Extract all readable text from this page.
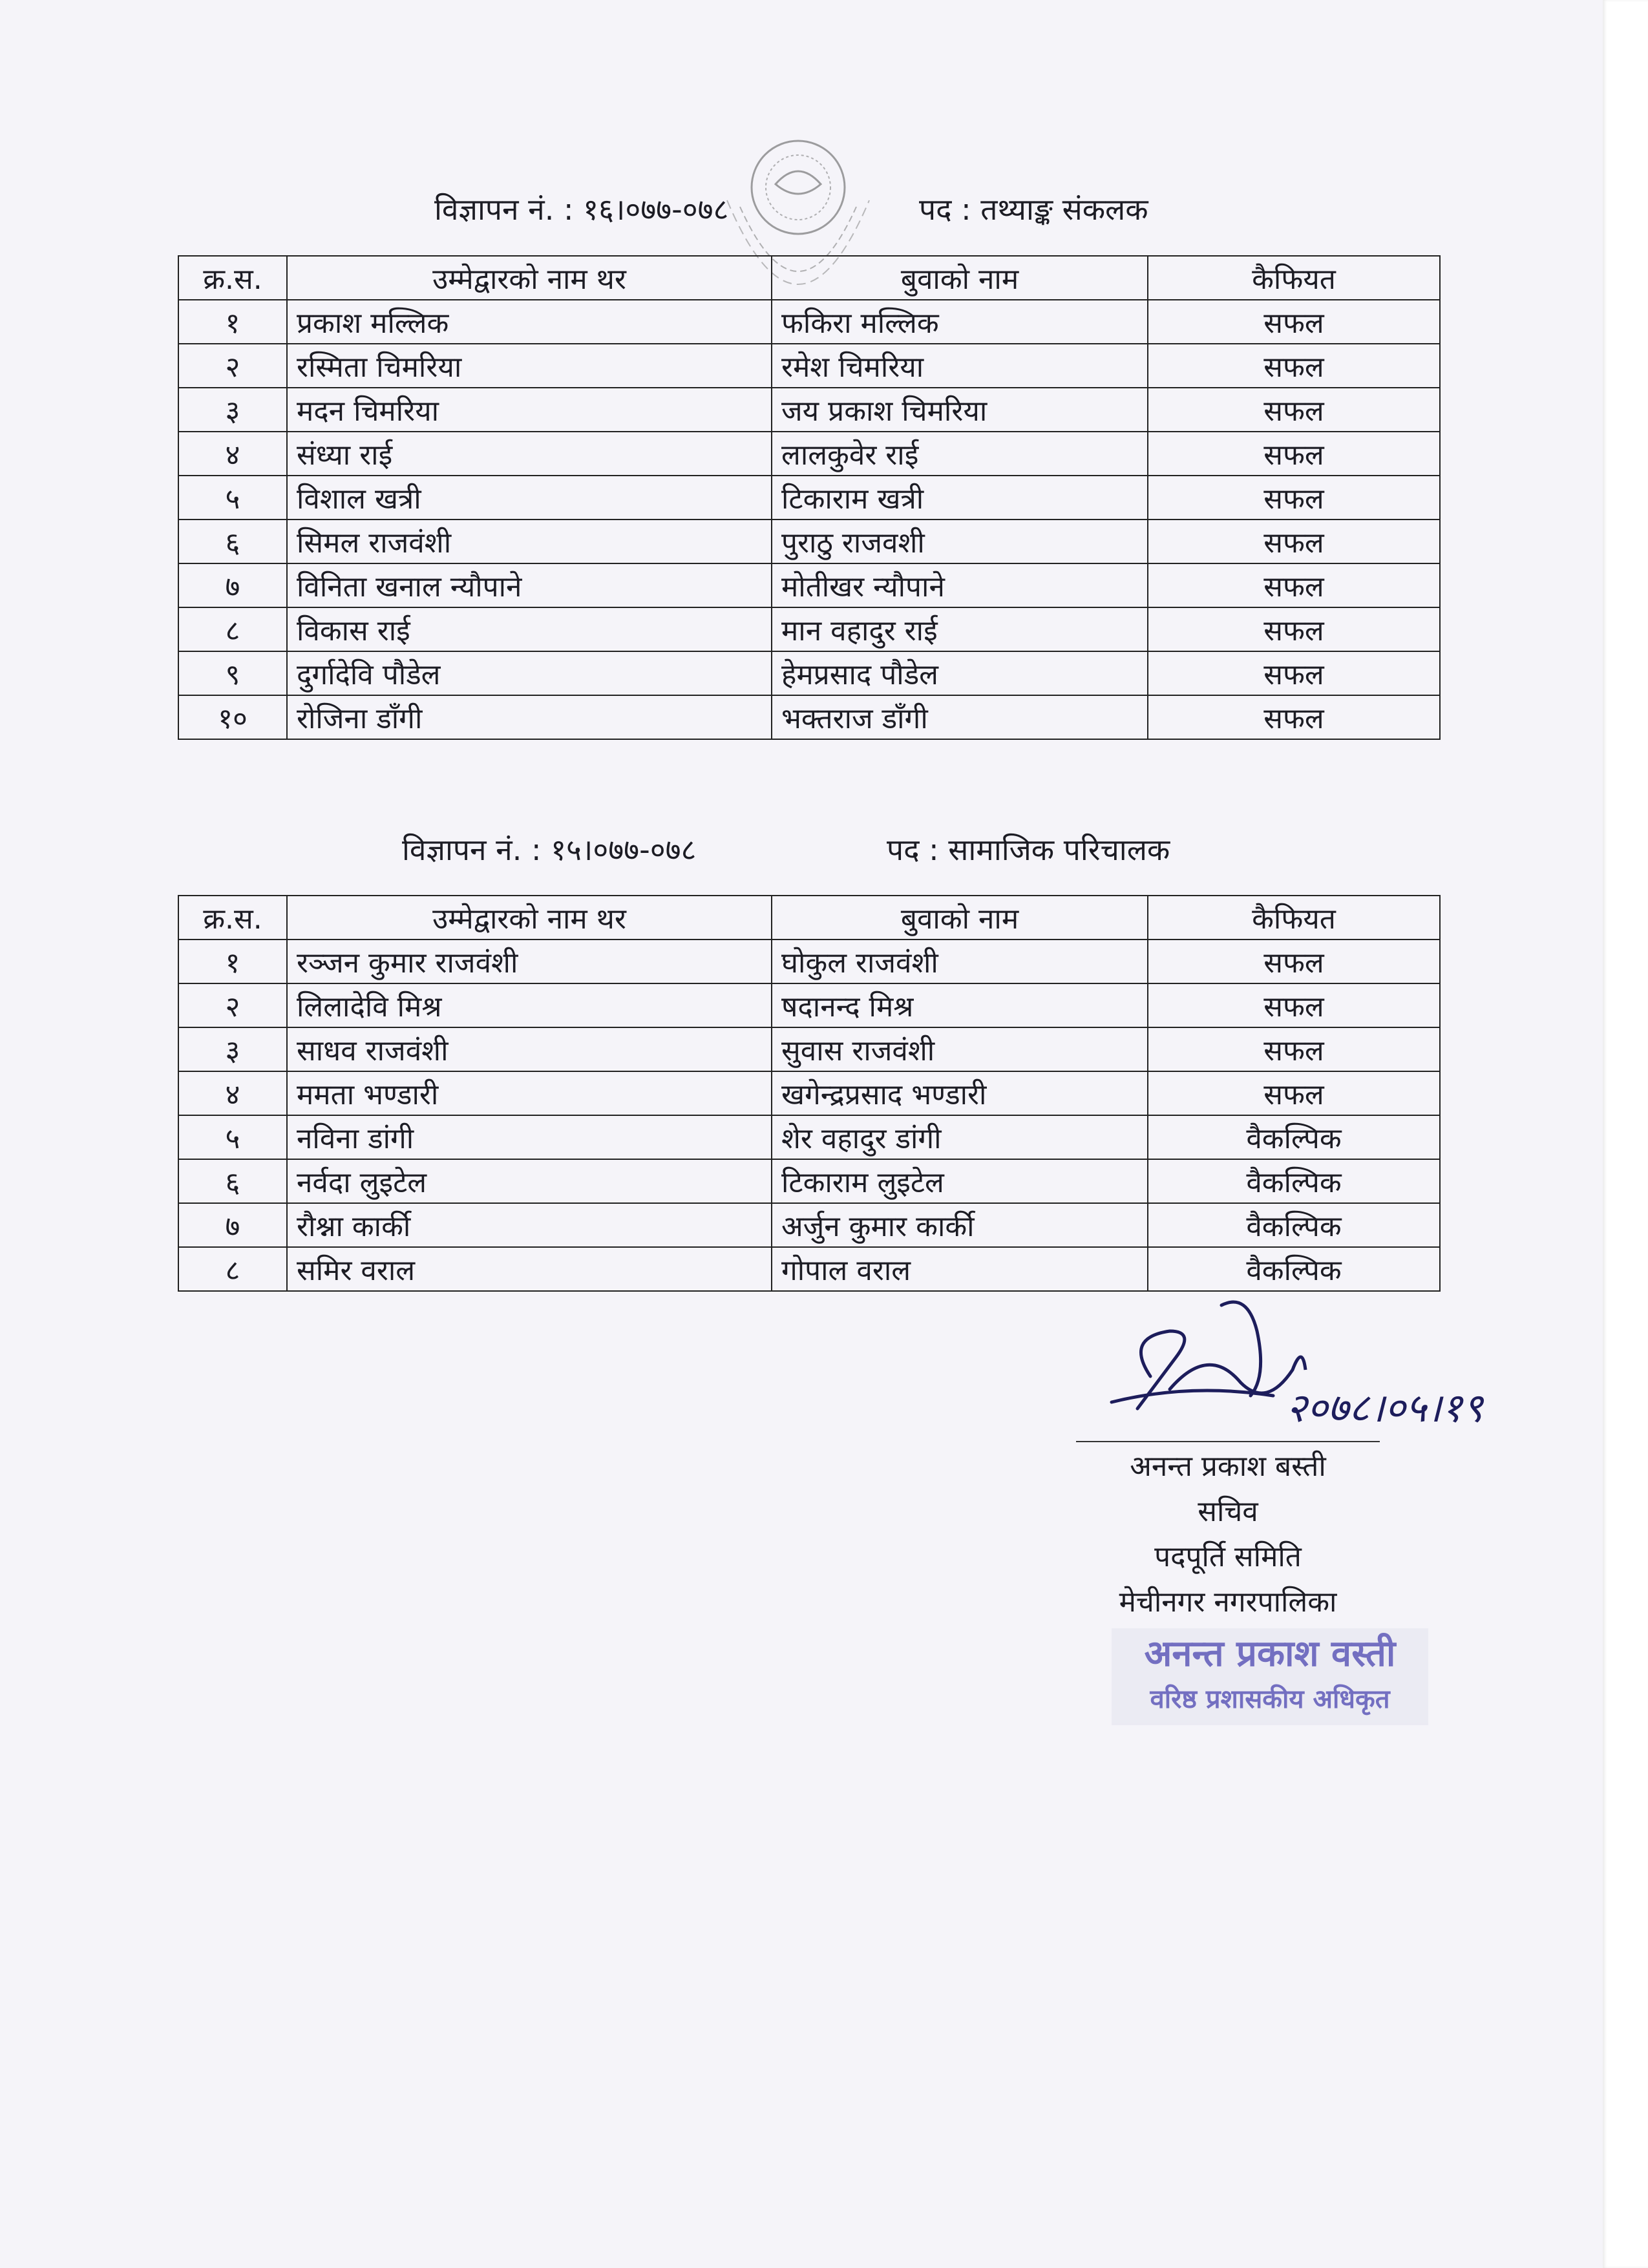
विज्ञापन नं. : १६।०७७-०७८	पद : तथ्याङ्क संकलक
क्र.स.	उम्मेद्वारको नाम थर	बुवाको नाम	कैफियत
१	प्रकाश मल्लिक	फकिरा मल्लिक	सफल
२	रस्मिता चिमरिया	रमेश चिमरिया	सफल
३	मदन चिमरिया	जय प्रकाश चिमरिया	सफल
४	संध्या राई	लालकुवेर राई	सफल
५	विशाल खत्री	टिकाराम खत्री	सफल
६	सिमल राजवंशी	पुराठु राजवशी	सफल
७	विनिता खनाल न्यौपाने	मोतीखर न्यौपाने	सफल
८	विकास राई	मान वहादुर राई	सफल
९	दुर्गादेवि पौडेल	हेमप्रसाद पौडेल	सफल
१०	रोजिना डाँगी	भक्तराज डाँगी	सफल
विज्ञापन नं. : १५।०७७-०७८	पद : सामाजिक परिचालक
क्र.स.	उम्मेद्वारको नाम थर	बुवाको नाम	कैफियत
१	रञ्जन कुमार राजवंशी	घोकुल राजवंशी	सफल
२	लिलादेवि मिश्र	षदानन्द मिश्र	सफल
३	साधव राजवंशी	सुवास राजवंशी	सफल
४	ममता भण्डारी	खगेन्द्रप्रसाद भण्डारी	सफल
५	नविना डांगी	शेर वहादुर डांगी	वैकल्पिक
६	नर्वदा लुइटेल	टिकाराम लुइटेल	वैकल्पिक
७	रौश्ना कार्की	अर्जुन कुमार कार्की	वैकल्पिक
८	समिर वराल	गोपाल वराल	वैकल्पिक
२०७८।०५।१९
अनन्त प्रकाश बस्ती
सचिव
पदपूर्ति समिति
मेचीनगर नगरपालिका
अनन्त प्रकाश वस्ती
वरिष्ठ प्रशासकीय अधिकृत
